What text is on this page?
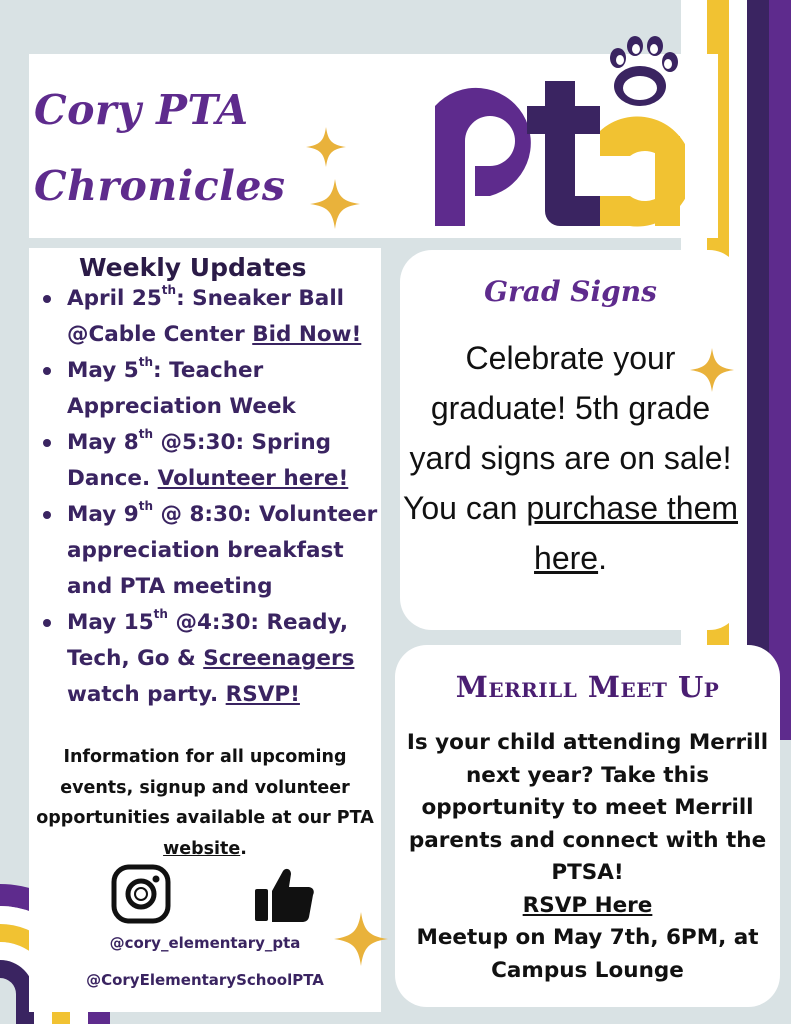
Cory PTA
Chronicles
pta
Weekly Updates
April 25th: Sneaker Ball @Cable Center Bid Now!
May 5th: Teacher Appreciation Week
May 8th @5:30: Spring Dance. Volunteer here!
May 9th @ 8:30: Volunteer appreciation breakfast and PTA meeting
May 15th @4:30: Ready, Tech, Go & Screenagers watch party. RSVP!
Information for all upcoming events, signup and volunteer opportunities available at our PTA website.
@cory_elementary_pta
@CoryElementarySchoolPTA
Grad Signs
Celebrate your graduate! 5th grade yard signs are on sale! You can purchase them here.
Merrill Meet Up
Is your child attending Merrill next year? Take this opportunity to meet Merrill parents and connect with the PTSA!
RSVP Here
Meetup on May 7th, 6PM, at Campus Lounge
